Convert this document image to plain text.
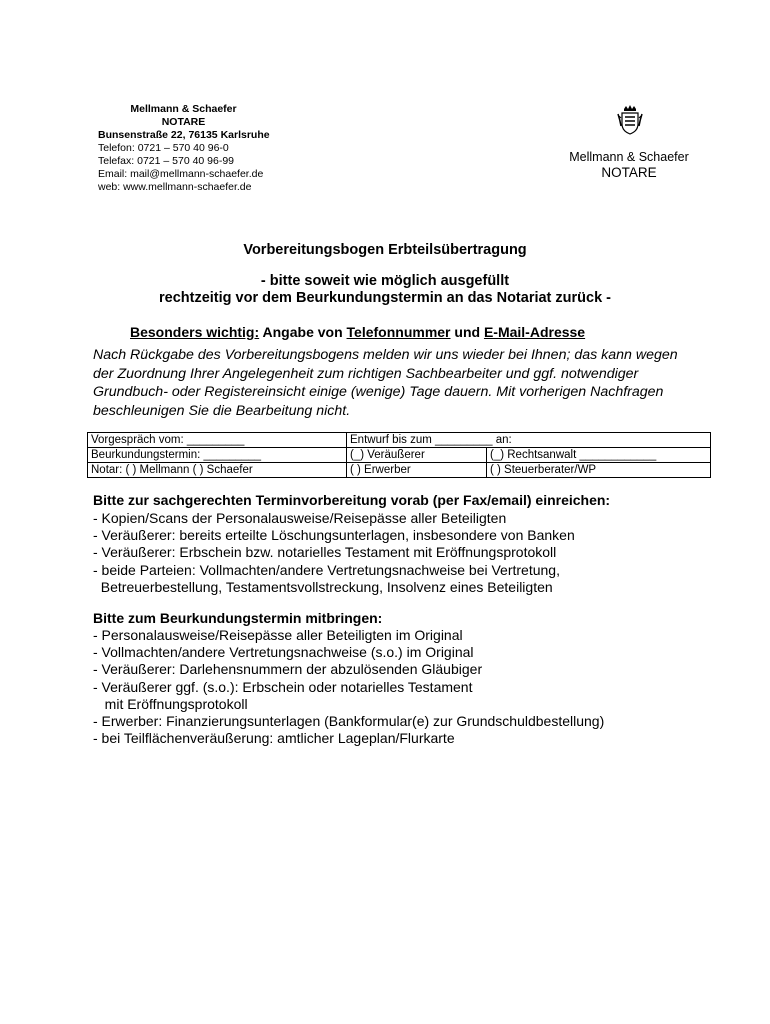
Mellmann & Schaefer
NOTARE
Bunsenstraße 22, 76135 Karlsruhe
Telefon: 0721 – 570 40 96-0
Telefax: 0721 – 570 40 96-99
Email: mail@mellmann-schaefer.de
web: www.mellmann-schaefer.de
Mellmann & Schaefer
NOTARE
Vorbereitungsbogen Erbteilsübertragung
- bitte soweit wie möglich ausgefüllt
rechtzeitig vor dem Beurkundungstermin an das Notariat zurück -
Besonders wichtig: Angabe von Telefonnummer und E-Mail-Adresse
Nach Rückgabe des Vorbereitungsbogens melden wir uns wieder bei Ihnen; das kann wegen der Zuordnung Ihrer Angelegenheit zum richtigen Sachbearbeiter und ggf. notwendiger Grundbuch- oder Registereinsicht einige (wenige) Tage dauern. Mit vorherigen Nachfragen beschleunigen Sie die Bearbeitung nicht.
Vorgespräch vom: _________	Entwurf bis zum _________ an:	
Beurkundungstermin: _________	(_) Veräußerer	(_) Rechtsanwalt ____________
Notar: ( ) Mellmann ( ) Schaefer	( ) Erwerber	( ) Steuerberater/WP
Bitte zur sachgerechten Terminvorbereitung vorab (per Fax/email) einreichen:
- Kopien/Scans der Personalausweise/Reisepässe aller Beteiligten
- Veräußerer: bereits erteilte Löschungsunterlagen, insbesondere von Banken
- Veräußerer: Erbschein bzw. notarielles Testament mit Eröffnungsprotokoll
- beide Parteien: Vollmachten/andere Vertretungsnachweise bei Vertretung,
Betreuerbestellung, Testamentsvollstreckung, Insolvenz eines Beteiligten
Bitte zum Beurkundungstermin mitbringen:
- Personalausweise/Reisepässe aller Beteiligten im Original
- Vollmachten/andere Vertretungsnachweise (s.o.) im Original
- Veräußerer: Darlehensnummern der abzulösenden Gläubiger
- Veräußerer ggf. (s.o.): Erbschein oder notarielles Testament
mit Eröffnungsprotokoll
- Erwerber: Finanzierungsunterlagen (Bankformular(e) zur Grundschuldbestellung)
- bei Teilflächenveräußerung: amtlicher Lageplan/Flurkarte
